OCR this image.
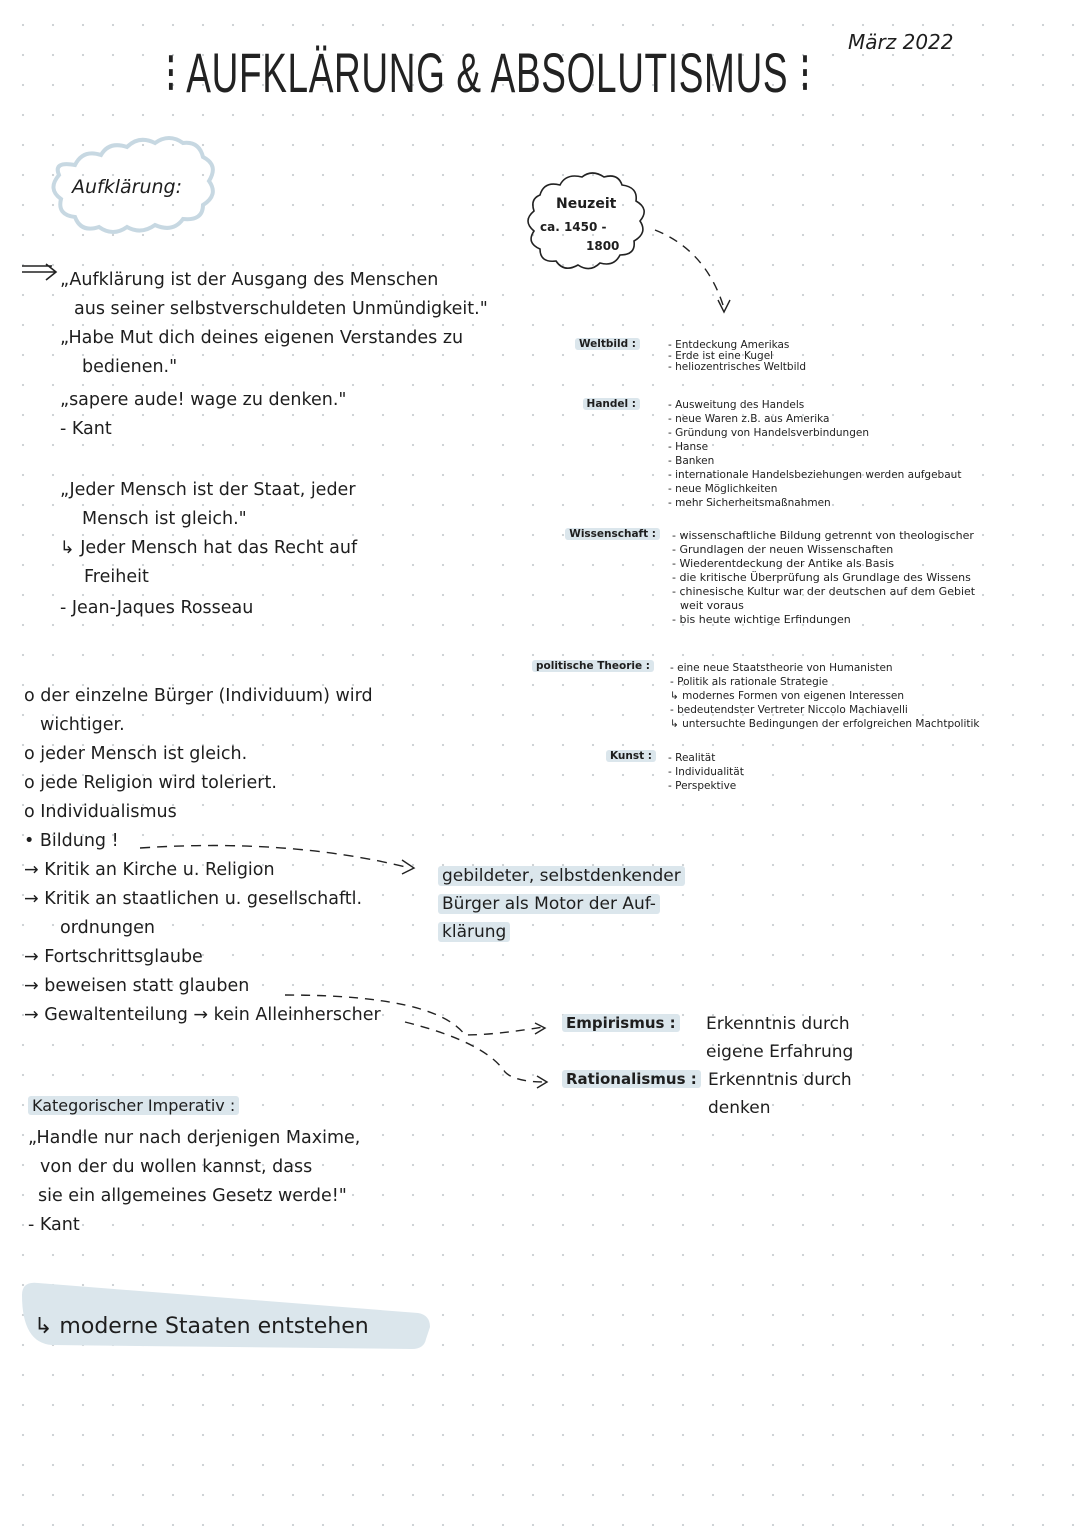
⁝ AUFKLÄRUNG & ABSOLUTISMUS ⁝ März 2022
Aufklärung:
Neuzeit
ca. 1450 -
1800

„Aufklärung ist der Ausgang des Menschen

aus seiner selbstverschuldeten Unmündigkeit."

„Habe Mut dich deines eigenen Verstandes zu

bedienen."

„sapere aude! wage zu denken."

- Kant

„Jeder Mensch ist der Staat, jeder

Mensch ist gleich."

↳ Jeder Mensch hat das Recht auf

Freiheit

- Jean-Jaques Rosseau

o der einzelne Bürger (Individuum) wird

wichtiger.

o jeder Mensch ist gleich.

o jede Religion wird toleriert.

o Individualismus

• Bildung !

→ Kritik an Kirche u. Religion

→ Kritik an staatlichen u. gesellschaftl.

ordnungen

→ Fortschrittsglaube

→ beweisen statt glauben

→ Gewaltenteilung → kein Alleinherscher

gebildeter, selbstdenkender

Bürger als Motor der Auf-

klärung

Empirismus : Erkenntnis durch

eigene Erfahrung

Rationalismus : Erkenntnis durch

denken

Kategorischer Imperativ :

„Handle nur nach derjenigen Maxime,

von der du wollen kannst, dass

sie ein allgemeines Gesetz werde!"

- Kant

↳ moderne Staaten entstehen
Weltbild :	- Entdeckung Amerikas

- Erde ist eine Kugel

- heliozentrisches Weltbild

Handel :	- Ausweitung des Handels

- neue Waren z.B. aus Amerika

- Gründung von Handelsverbindungen

- Hanse

- Banken

- internationale Handelsbeziehungen werden aufgebaut

- neue Möglichkeiten

- mehr Sicherheitsmaßnahmen

Wissenschaft :	- wissenschaftliche Bildung getrennt von theologischer

- Grundlagen der neuen Wissenschaften

- Wiederentdeckung der Antike als Basis

- die kritische Überprüfung als Grundlage des Wissens

- chinesische Kultur war der deutschen auf dem Gebiet

weit voraus

- bis heute wichtige Erfindungen

politische Theorie :	- eine neue Staatstheorie von Humanisten

- Politik als rationale Strategie

↳ modernes Formen von eigenen Interessen

- bedeutendster Vertreter Niccolo Machiavelli

↳ untersuchte Bedingungen der erfolgreichen Machtpolitik

Kunst :	- Realität

- Individualität

- Perspektive
